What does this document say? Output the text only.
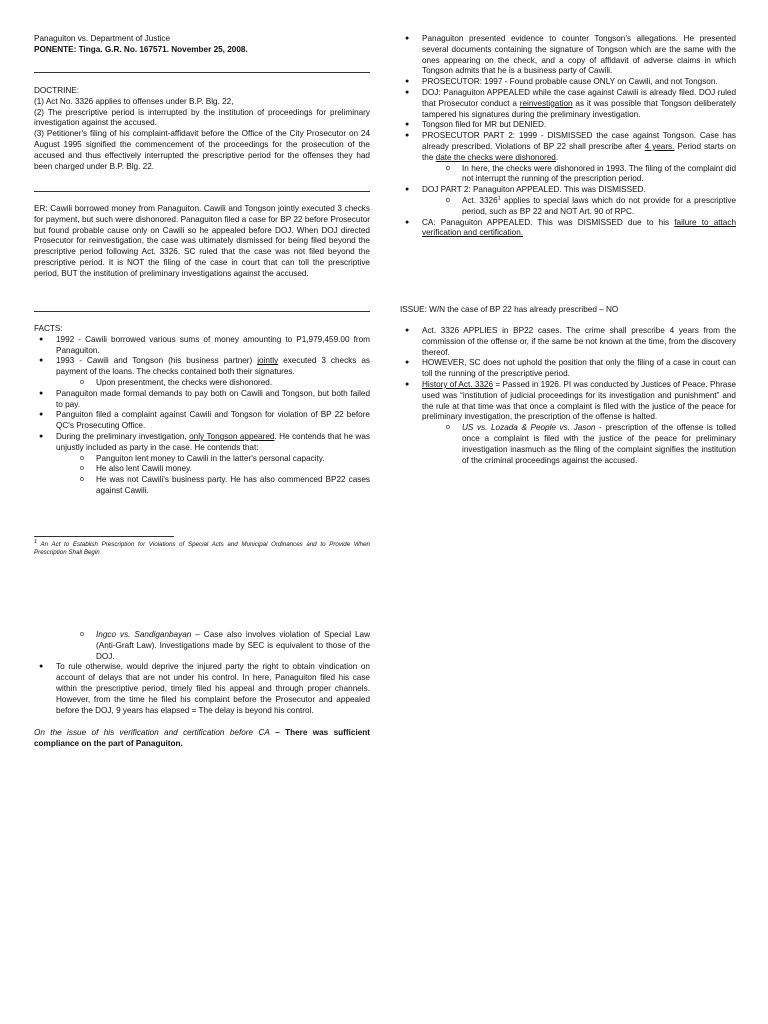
Panaguiton vs. Department of Justice
PONENTE: Tinga. G.R. No. 167571. November 25, 2008.
DOCTRINE:
(1) Act No. 3326 applies to offenses under B.P. Blg. 22,
(2) The prescriptive period is interrupted by the institution of proceedings for preliminary investigation against the accused.
(3) Petitioner's filing of his complaint-affidavit before the Office of the City Prosecutor on 24 August 1995 signified the commencement of the proceedings for the prosecution of the accused and thus effectively interrupted the prescriptive period for the offenses they had been charged under B.P. Blg. 22.
ER: Cawili borrowed money from Panaguiton. Cawili and Tongson jointly executed 3 checks for payment, but such were dishonored. Panaguiton filed a case for BP 22 before Prosecutor but found probable cause only on Cawili so he appealed before DOJ. When DOJ directed Prosecutor for reinvestigation, the case was ultimately dismissed for being filed beyond the prescriptive period following Act. 3326. SC ruled that the case was not filed beyond the prescriptive period. It is NOT the filing of the case in court that can toll the prescriptive period, BUT the institution of preliminary investigations against the accused.
FACTS:
● 1992 - Cawili borrowed various sums of money amounting to P1,979,459.00 from Panaguiton.
● 1993 - Cawili and Tongson (his business partner) jointly executed 3 checks as payment of the loans. The checks contained both their signatures.
o Upon presentment, the checks were dishonored.
● Panaguiton made formal demands to pay both on Cawili and Tongson, but both failed to pay.
● Panguiton filed a complaint against Cawili and Tongson for violation of BP 22 before QC's Prosecuting Office.
● During the preliminary investigation, only Tongson appeared. He contends that he was unjustly included as party in the case. He contends that:
o Panguiton lent money to Cawili in the latter's personal capacity.
o He also lent Cawili money.
o He was not Cawili's business party. He has also commenced BP22 cases against Cawili.
$^1$ An Act to Establish Prescription for Violations of Special Acts and Municipal Ordinances and to Provide When Prescription Shall Begin
o Ingco vs. Sandiganbayan – Case also involves violation of Special Law (Anti-Graft Law). Investigations made by SEC is equivalent to those of the DOJ.
● To rule otherwise, would deprive the injured party the right to obtain vindication on account of delays that are not under his control. In here, Panaguiton filed his case within the prescriptive period, timely filed his appeal and through proper channels. However, from the time he filed his complaint before the Prosecutor and appealed before the DOJ, 9 years has elapsed = The delay is beyond his control.
On the issue of his verification and certification before CA – There was sufficient compliance on the part of Panaguiton.
● Panaguiton presented evidence to counter Tongson's allegations. He presented several documents containing the signature of Tongson which are the same with the ones appearing on the check, and a copy of affidavit of adverse claims in which Tongson admits that he is a business party of Cawili.
● PROSECUTOR: 1997 - Found probable cause ONLY on Cawili, and not Tongson.
● DOJ: Panaguiton APPEALED while the case against Cawili is already filed. DOJ ruled that Prosecutor conduct a reinvestigation as it was possible that Tongson deliberately tampered his signatures during the preliminary investigation.
● Tongson filed for MR but DENIED.
● PROSECUTOR PART 2: 1999 - DISMISSED the case against Tongson. Case has already prescribed. Violations of BP 22 shall prescribe after 4 years. Period starts on the date the checks were dishonored.
o In here, the checks were dishonored in 1993. The filing of the complaint did not interrupt the running of the prescription period.
● DOJ PART 2: Panaguiton APPEALED. This was DISMISSED.
o Act. 3326$^1$ applies to special laws which do not provide for a prescriptive period, such as BP 22 and NOT Art. 90 of RPC.
● CA: Panaguiton APPEALED. This was DISMISSED due to his failure to attach verification and certification.
ISSUE: W/N the case of BP 22 has already prescribed – NO
● Act. 3326 APPLIES in BP22 cases. The crime shall prescribe 4 years from the commission of the offense or, if the same be not known at the time, from the discovery thereof.
● HOWEVER, SC does not uphold the position that only the filing of a case in court can toll the running of the prescriptive period.
● History of Act. 3326 = Passed in 1926. PI was conducted by Justices of Peace. Phrase used was “institution of judicial proceedings for its investigation and punishment” and the rule at that time was that once a complaint is filed with the justice of the peace for preliminary investigation, the prescription of the offense is halted.
o US vs. Lozada & People vs. Jason - prescription of the offense is tolled once a complaint is filed with the justice of the peace for preliminary investigation inasmuch as the filing of the complaint signifies the institution of the criminal proceedings against the accused.
